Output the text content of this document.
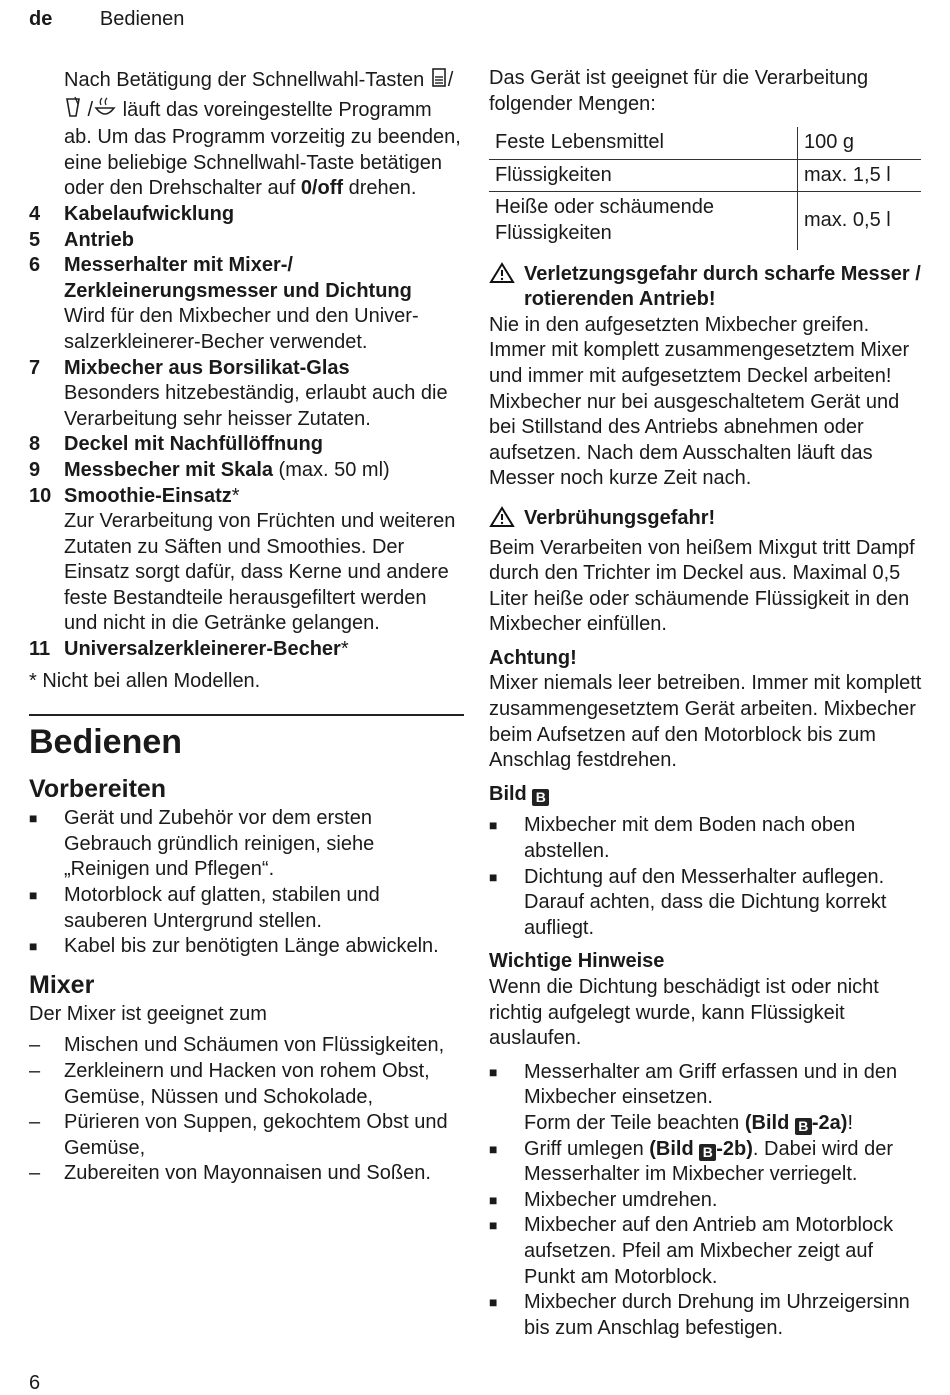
de Bedienen
Nach Betätigung der Schnellwahl-Tasten / / läuft das voreingestellte Programm ab. Um das Programm vorzeitig zu beenden, eine beliebige Schnellwahl-Taste betätigen oder den Drehschalter auf 0/off drehen.
4	Kabelaufwicklung
5	Antrieb
6	Messerhalter mit Mixer-/ Zerkleinerungsmesser und Dichtung
Wird für den Mixbecher und den Universalzerkleinerer-Becher verwendet.
7	Mixbecher aus Borsilikat-Glas
Besonders hitzebeständig, erlaubt auch die Verarbeitung sehr heisser Zutaten.
8	Deckel mit Nachfüllöffnung
9	Messbecher mit Skala (max. 50 ml)
10 Smoothie-Einsatz*
Zur Verarbeitung von Früchten und weiteren Zutaten zu Säften und Smoothies. Der Einsatz sorgt dafür, dass Kerne und andere feste Bestandteile herausgefiltert werden und nicht in die Getränke gelangen.
11 Universalzerkleinerer-Becher*
* Nicht bei allen Modellen.
Bedienen
Vorbereiten
■	Gerät und Zubehör vor dem ersten Gebrauch gründlich reinigen, siehe „Reinigen und Pflegen“.
■	Motorblock auf glatten, stabilen und sauberen Untergrund stellen.
■	Kabel bis zur benötigten Länge abwickeln.
Mixer
Der Mixer ist geeignet zum
–	Mischen und Schäumen von Flüssigkeiten,
–	Zerkleinern und Hacken von rohem Obst, Gemüse, Nüssen und Schokolade,
–	Pürieren von Suppen, gekochtem Obst und Gemüse,
–	Zubereiten von Mayonnaisen und Soßen.
Das Gerät ist geeignet für die Verarbeitung folgender Mengen:
Feste Lebensmittel	100 g
Flüssigkeiten	max. 1,5 l
Heiße oder schäumende Flüssigkeiten	max. 0,5 l
Verletzungsgefahr durch scharfe Messer / rotierenden Antrieb!
Nie in den aufgesetzten Mixbecher greifen. Immer mit komplett zusammengesetztem Mixer und immer mit aufgesetztem Deckel arbeiten! Mixbecher nur bei ausgeschaltetem Gerät und bei Stillstand des Antriebs abnehmen oder aufsetzen. Nach dem Ausschalten läuft das Messer noch kurze Zeit nach.
Verbrühungsgefahr!
Beim Verarbeiten von heißem Mixgut tritt Dampf durch den Trichter im Deckel aus. Maximal 0,5 Liter heiße oder schäumende Flüssigkeit in den Mixbecher einfüllen.
Achtung!
Mixer niemals leer betreiben. Immer mit komplett zusammengesetztem Gerät arbeiten. Mixbecher beim Aufsetzen auf den Motorblock bis zum Anschlag festdrehen.
Bild B
■	Mixbecher mit dem Boden nach oben abstellen.
■	Dichtung auf den Messerhalter auflegen. Darauf achten, dass die Dichtung korrekt aufliegt.
Wichtige Hinweise
Wenn die Dichtung beschädigt ist oder nicht richtig aufgelegt wurde, kann Flüssigkeit auslaufen.
■	Messerhalter am Griff erfassen und in den Mixbecher einsetzen.
Form der Teile beachten (Bild B -2a)!
■	Griff umlegen (Bild B -2b). Dabei wird der Messerhalter im Mixbecher verriegelt.
■	Mixbecher umdrehen.
■	Mixbecher auf den Antrieb am Motorblock aufsetzen. Pfeil am Mixbecher zeigt auf Punkt am Motorblock.
■	Mixbecher durch Drehung im Uhrzeigersinn bis zum Anschlag befestigen.
6
